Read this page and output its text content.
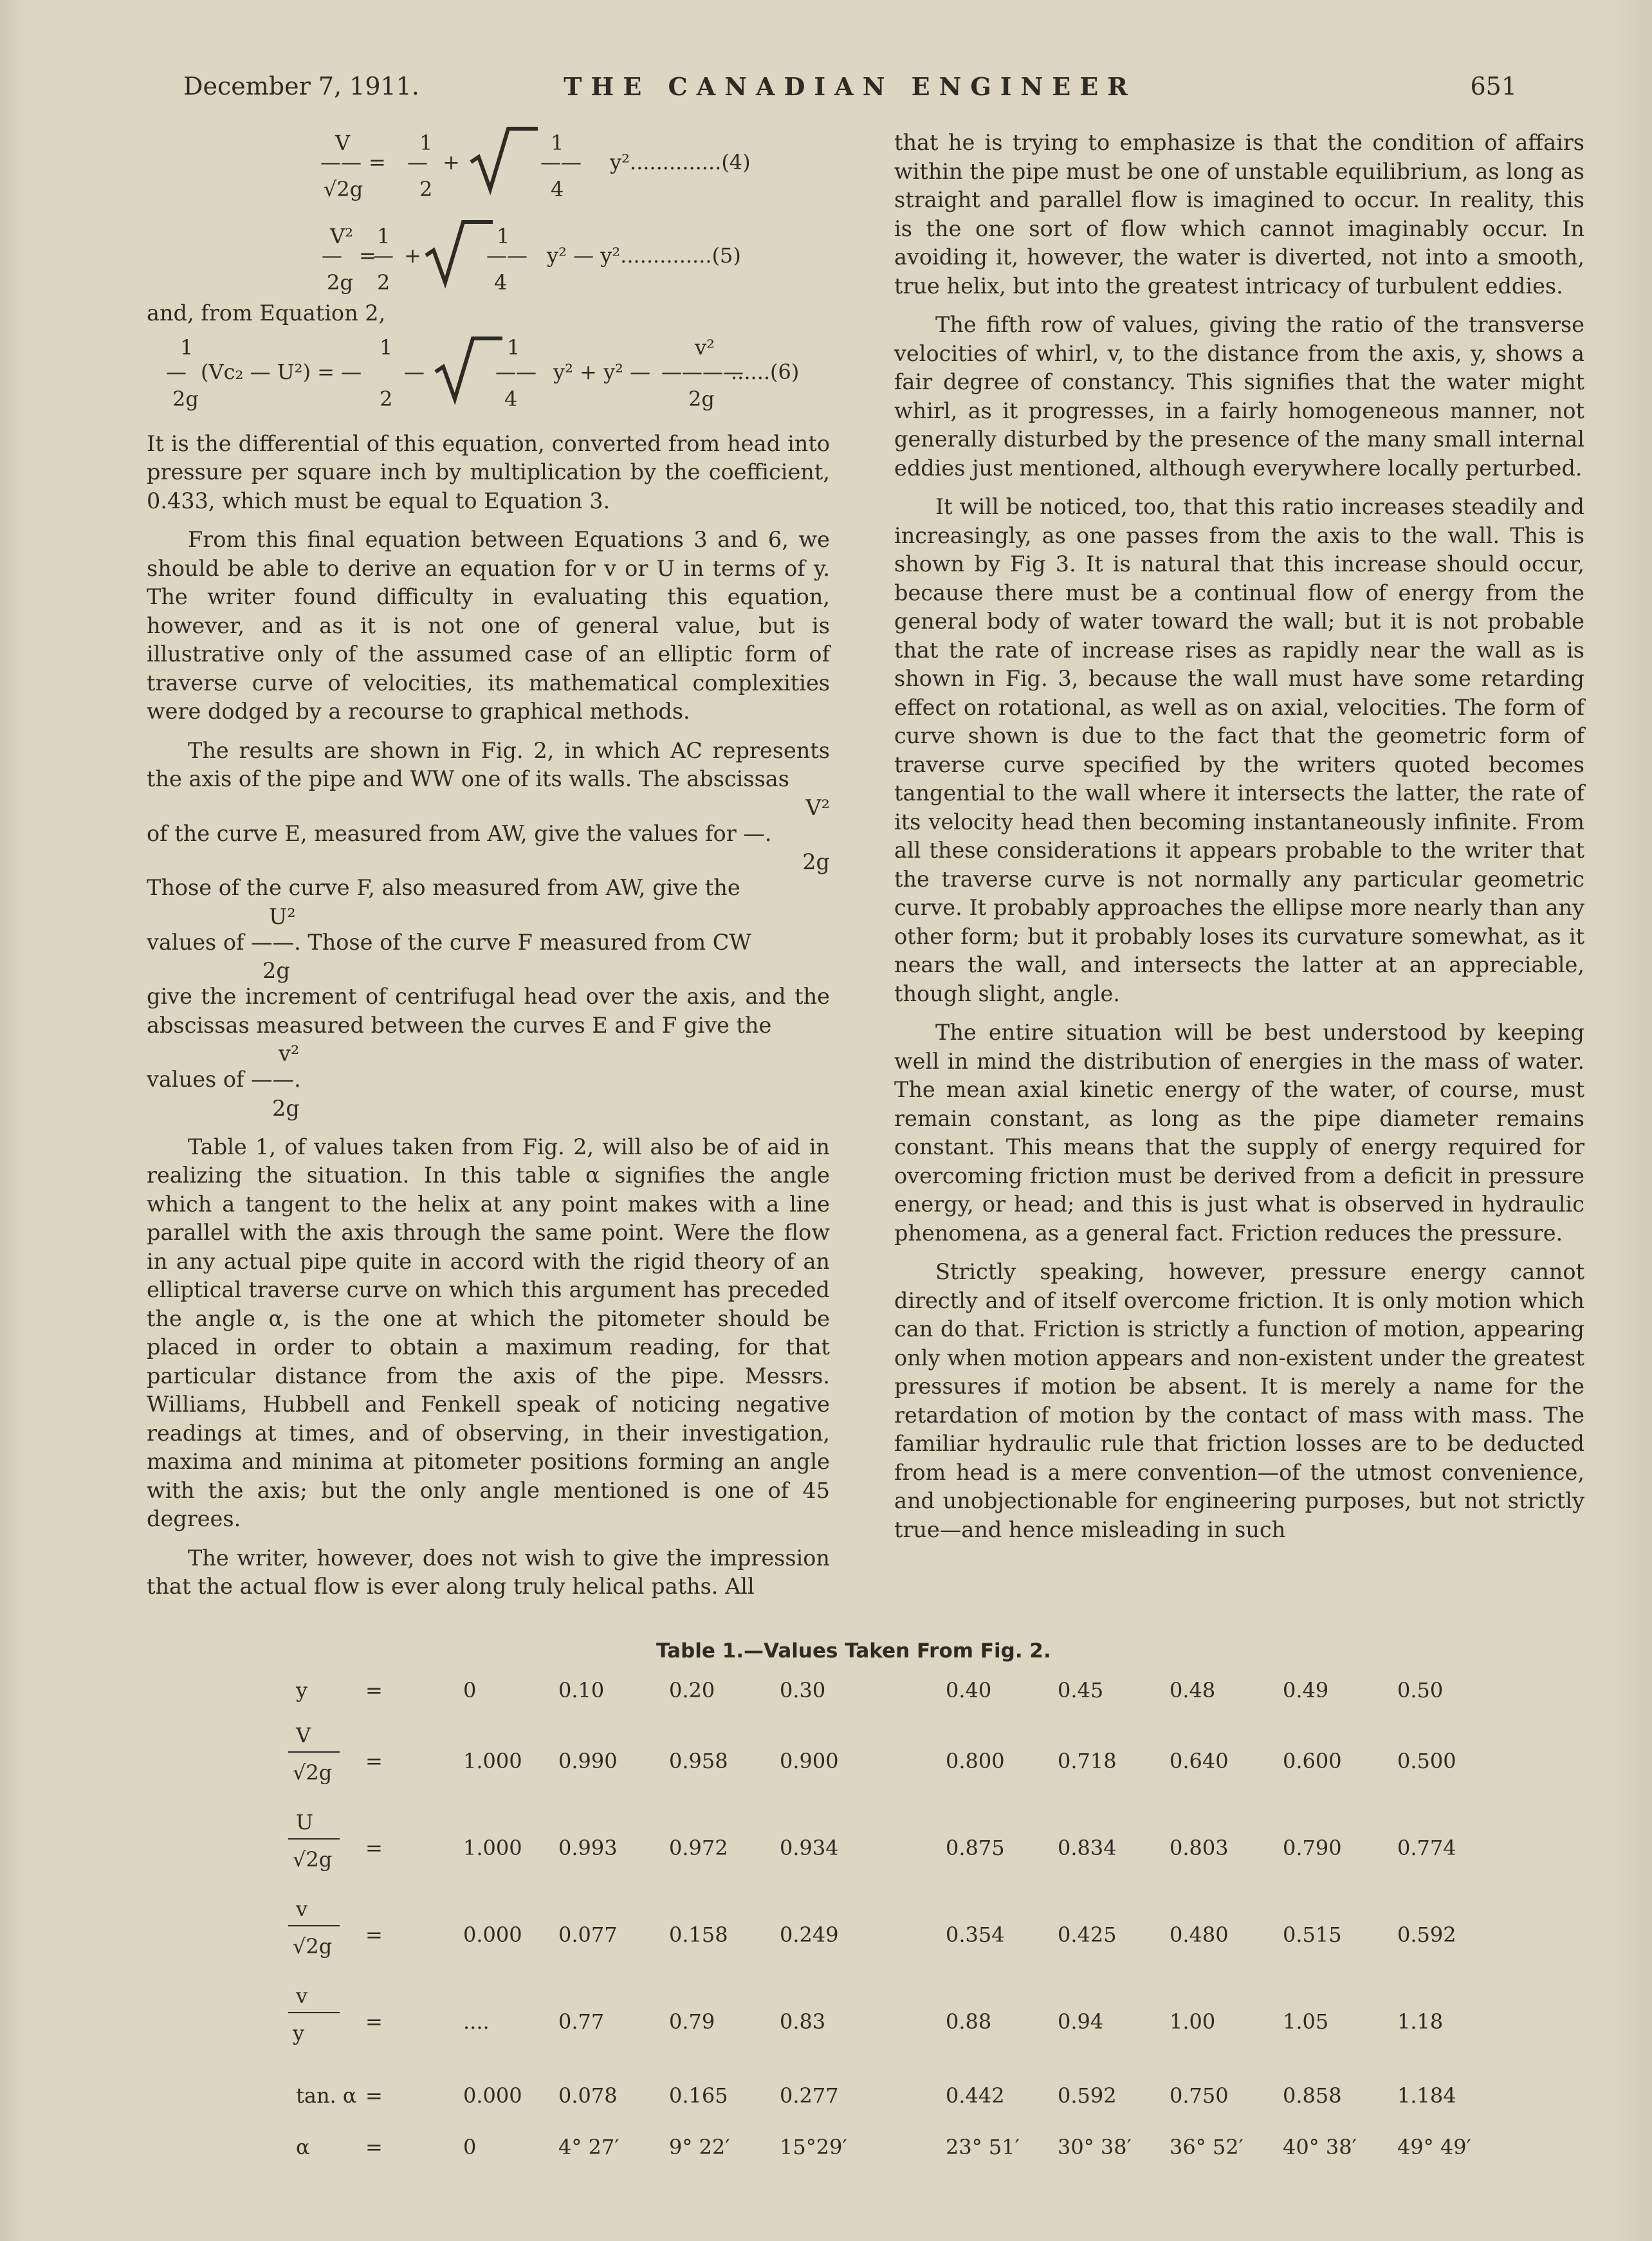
December 7, 1911.	THE CANADIAN ENGINEER	651
V
——
√2g
=
1
—
2
+
1
——
4
y²..............(4)
V²
—
2g
=
—
1
2
+
1
——
4
y² — y²..............(5)

and, from Equation 2,

1
—
2g
(Vc₂ — U²) = —
1
2
—
1
——
4
y² + y² —
v²
————
2g
......(6)

It is the differential of this equation, converted from head into pressure per square inch by multiplication by the coefficient, 0.433, which must be equal to Equation 3.

From this final equation between Equations 3 and 6, we should be able to derive an equation for v or U in terms of y. The writer found difficulty in evaluating this equation, however, and as it is not one of general value, but is illustrative only of the assumed case of an elliptic form of traverse curve of velocities, its mathematical complexities were dodged by a recourse to graphical methods.

The results are shown in Fig. 2, in which AC represents the axis of the pipe and WW one of its walls. The abscissas

V²
of the curve E, measured from AW, give the values for —.
2g
Those of the curve F, also measured from AW, give the
U²
values of ——. Those of the curve F measured from CW
2g
give the increment of centrifugal head over the axis, and the abscissas measured between the curves E and F give the
v²
values of ——.
2g

Table 1, of values taken from Fig. 2, will also be of aid in realizing the situation. In this table α signifies the angle which a tangent to the helix at any point makes with a line parallel with the axis through the same point. Were the flow in any actual pipe quite in accord with the rigid theory of an elliptical traverse curve on which this argument has preceded the angle α, is the one at which the pitometer should be placed in order to obtain a maximum reading, for that particular distance from the axis of the pipe. Messrs. Williams, Hubbell and Fenkell speak of noticing negative readings at times, and of observing, in their investigation, maxima and minima at pitometer positions forming an angle with the axis; but the only angle mentioned is one of 45 degrees.

The writer, however, does not wish to give the impression that the actual flow is ever along truly helical paths. All

that he is trying to emphasize is that the condition of affairs within the pipe must be one of unstable equilibrium, as long as straight and parallel flow is imagined to occur. In reality, this is the one sort of flow which cannot imaginably occur. In avoiding it, however, the water is diverted, not into a smooth, true helix, but into the greatest intricacy of turbulent eddies.

The fifth row of values, giving the ratio of the transverse velocities of whirl, v, to the distance from the axis, y, shows a fair degree of constancy. This signifies that the water might whirl, as it progresses, in a fairly homogeneous manner, not generally disturbed by the presence of the many small internal eddies just mentioned, although everywhere locally perturbed.

It will be noticed, too, that this ratio increases steadily and increasingly, as one passes from the axis to the wall. This is shown by Fig 3. It is natural that this increase should occur, because there must be a continual flow of energy from the general body of water toward the wall; but it is not probable that the rate of increase rises as rapidly near the wall as is shown in Fig. 3, because the wall must have some retarding effect on rotational, as well as on axial, velocities. The form of curve shown is due to the fact that the geometric form of traverse curve specified by the writers quoted becomes tangential to the wall where it intersects the latter, the rate of its velocity head then becoming instantaneously infinite. From all these considerations it appears probable to the writer that the traverse curve is not normally any particular geometric curve. It probably approaches the ellipse more nearly than any other form; but it probably loses its curvature somewhat, as it nears the wall, and intersects the latter at an appreciable, though slight, angle.

The entire situation will be best understood by keeping well in mind the distribution of energies in the mass of water. The mean axial kinetic energy of the water, of course, must remain constant, as long as the pipe diameter remains constant. This means that the supply of energy required for overcoming friction must be derived from a deficit in pressure energy, or head; and this is just what is observed in hydraulic phenomena, as a general fact. Friction reduces the pressure.

Strictly speaking, however, pressure energy cannot directly and of itself overcome friction. It is only motion which can do that. Friction is strictly a function of motion, appearing only when motion appears and non-existent under the greatest pressures if motion be absent. It is merely a name for the retardation of motion by the contact of mass with mass. The familiar hydraulic rule that friction losses are to be deducted from head is a mere convention—of the utmost convenience, and unobjectionable for engineering purposes, but not strictly true—and hence misleading in such

Table 1.—Values Taken From Fig. 2.
y	=	0	0.10	0.20	0.30	0.40	0.45	0.48	0.49	0.50
V
√2g =	1.000 0.990	0.958	0.900	0.800	0.718	0.640	0.600	0.500
U
√2g =	1.000 0.993	0.972	0.934	0.875	0.834	0.803	0.790	0.774
v
√2g =	0.000 0.077	0.158	0.249	0.354	0.425	0.480	0.515	0.592
v
y	=	....	0.77	0.79	0.83	0.88	0.94	1.00	1.05	1.18
tan. α =	0.000 0.078	0.165	0.277	0.442	0.592	0.750	0.858	1.184
α	=	0	4° 27′ 9° 22′ 15°29′	23° 51′ 30° 38′ 36° 52′ 40° 38′ 49° 49′
